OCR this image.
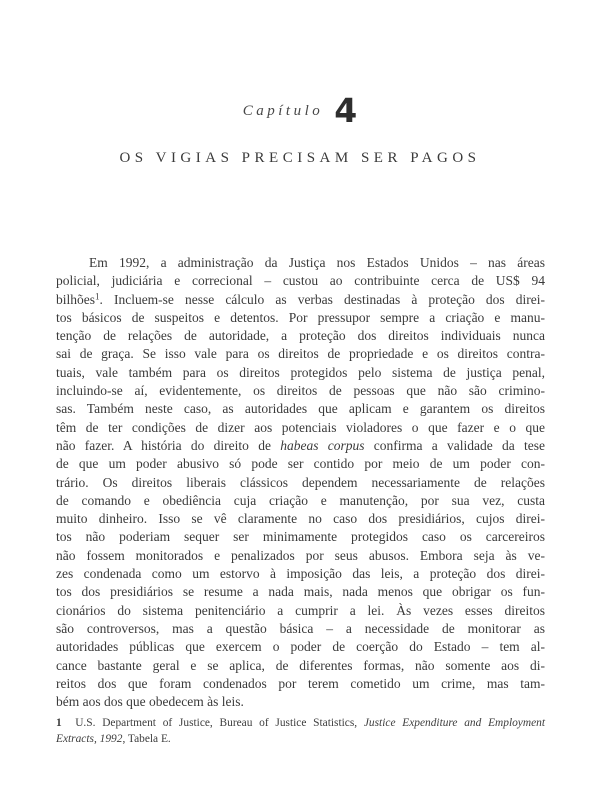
Capítulo 4
OS VIGIAS PRECISAM SER PAGOS
Em 1992, a administração da Justiça nos Estados Unidos – nas áreas
policial, judiciária e correcional – custou ao contribuinte cerca de US$ 94
bilhões$^1$. Incluem-se nesse cálculo as verbas destinadas à proteção dos direi-
tos básicos de suspeitos e detentos. Por pressupor sempre a criação e manu-
tenção de relações de autoridade, a proteção dos direitos individuais nunca
sai de graça. Se isso vale para os direitos de propriedade e os direitos contra-
tuais, vale também para os direitos protegidos pelo sistema de justiça penal,
incluindo-se aí, evidentemente, os direitos de pessoas que não são crimino-
sas. Também neste caso, as autoridades que aplicam e garantem os direitos
têm de ter condições de dizer aos potenciais violadores o que fazer e o que
não fazer. A história do direito de habeas corpus confirma a validade da tese
de que um poder abusivo só pode ser contido por meio de um poder con-
trário. Os direitos liberais clássicos dependem necessariamente de relações
de comando e obediência cuja criação e manutenção, por sua vez, custa
muito dinheiro. Isso se vê claramente no caso dos presidiários, cujos direi-
tos não poderiam sequer ser minimamente protegidos caso os carcereiros
não fossem monitorados e penalizados por seus abusos. Embora seja às ve-
zes condenada como um estorvo à imposição das leis, a proteção dos direi-
tos dos presidiários se resume a nada mais, nada menos que obrigar os fun-
cionários do sistema penitenciário a cumprir a lei. Às vezes esses direitos
são controversos, mas a questão básica – a necessidade de monitorar as
autoridades públicas que exercem o poder de coerção do Estado – tem al-
cance bastante geral e se aplica, de diferentes formas, não somente aos di-
reitos dos que foram condenados por terem cometido um crime, mas tam-
bém aos dos que obedecem às leis.
1  U.S. Department of Justice, Bureau of Justice Statistics, Justice Expenditure and Employment
Extracts, 1992, Tabela E.
